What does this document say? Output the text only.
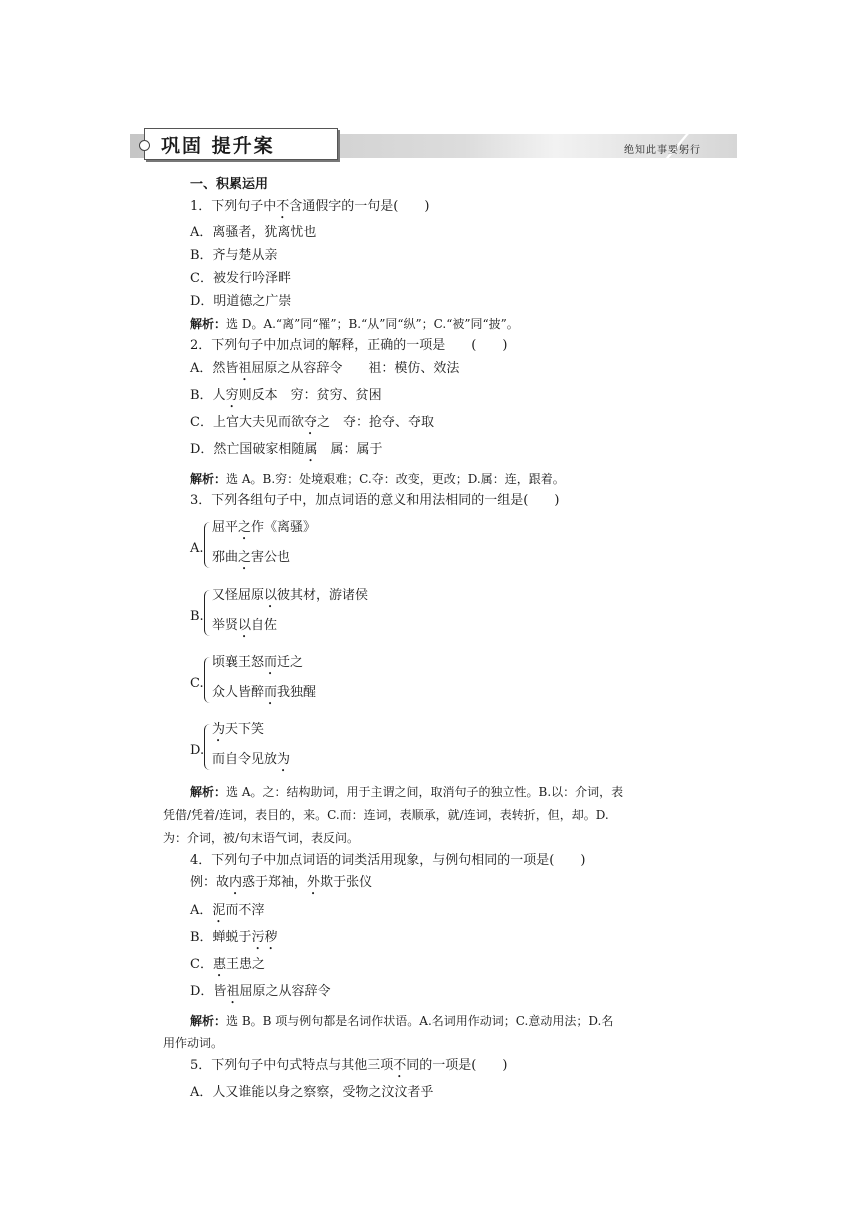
巩固 提升案	绝知此事要躬行
一、积累运用
1．下列句子中不含通假字的一句是(　　)
A．离骚者，犹离忧也
B．齐与楚从亲
C．被发行吟泽畔
D．明道德之广崇
解析：选 D。A.“离”同“罹”；B.“从”同“纵”；C.“被”同“披”。
2．下列句子中加点词的解释，正确的一项是　　(　　)
A．然皆祖屈原之从容辞令　　祖：模仿、效法
B．人穷则反本　穷：贫穷、贫困
C．上官大夫见而欲夺之　夺：抢夺、夺取
D．然亡国破家相随属　属：属于
解析：选 A。B.穷：处境艰难；C.夺：改变，更改；D.属：连，跟着。
3．下列各组句子中，加点词语的意义和用法相同的一组是(　　)
A.
屈平之作《离骚》
邪曲之害公也
B.
又怪屈原以彼其材，游诸侯
举贤以自佐
C.
顷襄王怒而迁之
众人皆醉而我独醒
D.
为天下笑
而自令见放为
解析：选 A。之：结构助词，用于主谓之间，取消句子的独立性。B.以：介词，表
凭借/凭着/连词，表目的，来。C.而：连词，表顺承，就/连词，表转折，但，却。D.
为：介词，被/句末语气词，表反问。
4．下列句子中加点词语的词类活用现象，与例句相同的一项是(　　)
例：故内惑于郑袖，外欺于张仪
A．泥而不滓
B．蝉蜕于污秽
C．惠王患之
D．皆祖屈原之从容辞令
解析：选 B。B 项与例句都是名词作状语。A.名词用作动词；C.意动用法；D.名
用作动词。
5．下列句子中句式特点与其他三项不同的一项是(　　)
A．人又谁能以身之察察，受物之汶汶者乎
